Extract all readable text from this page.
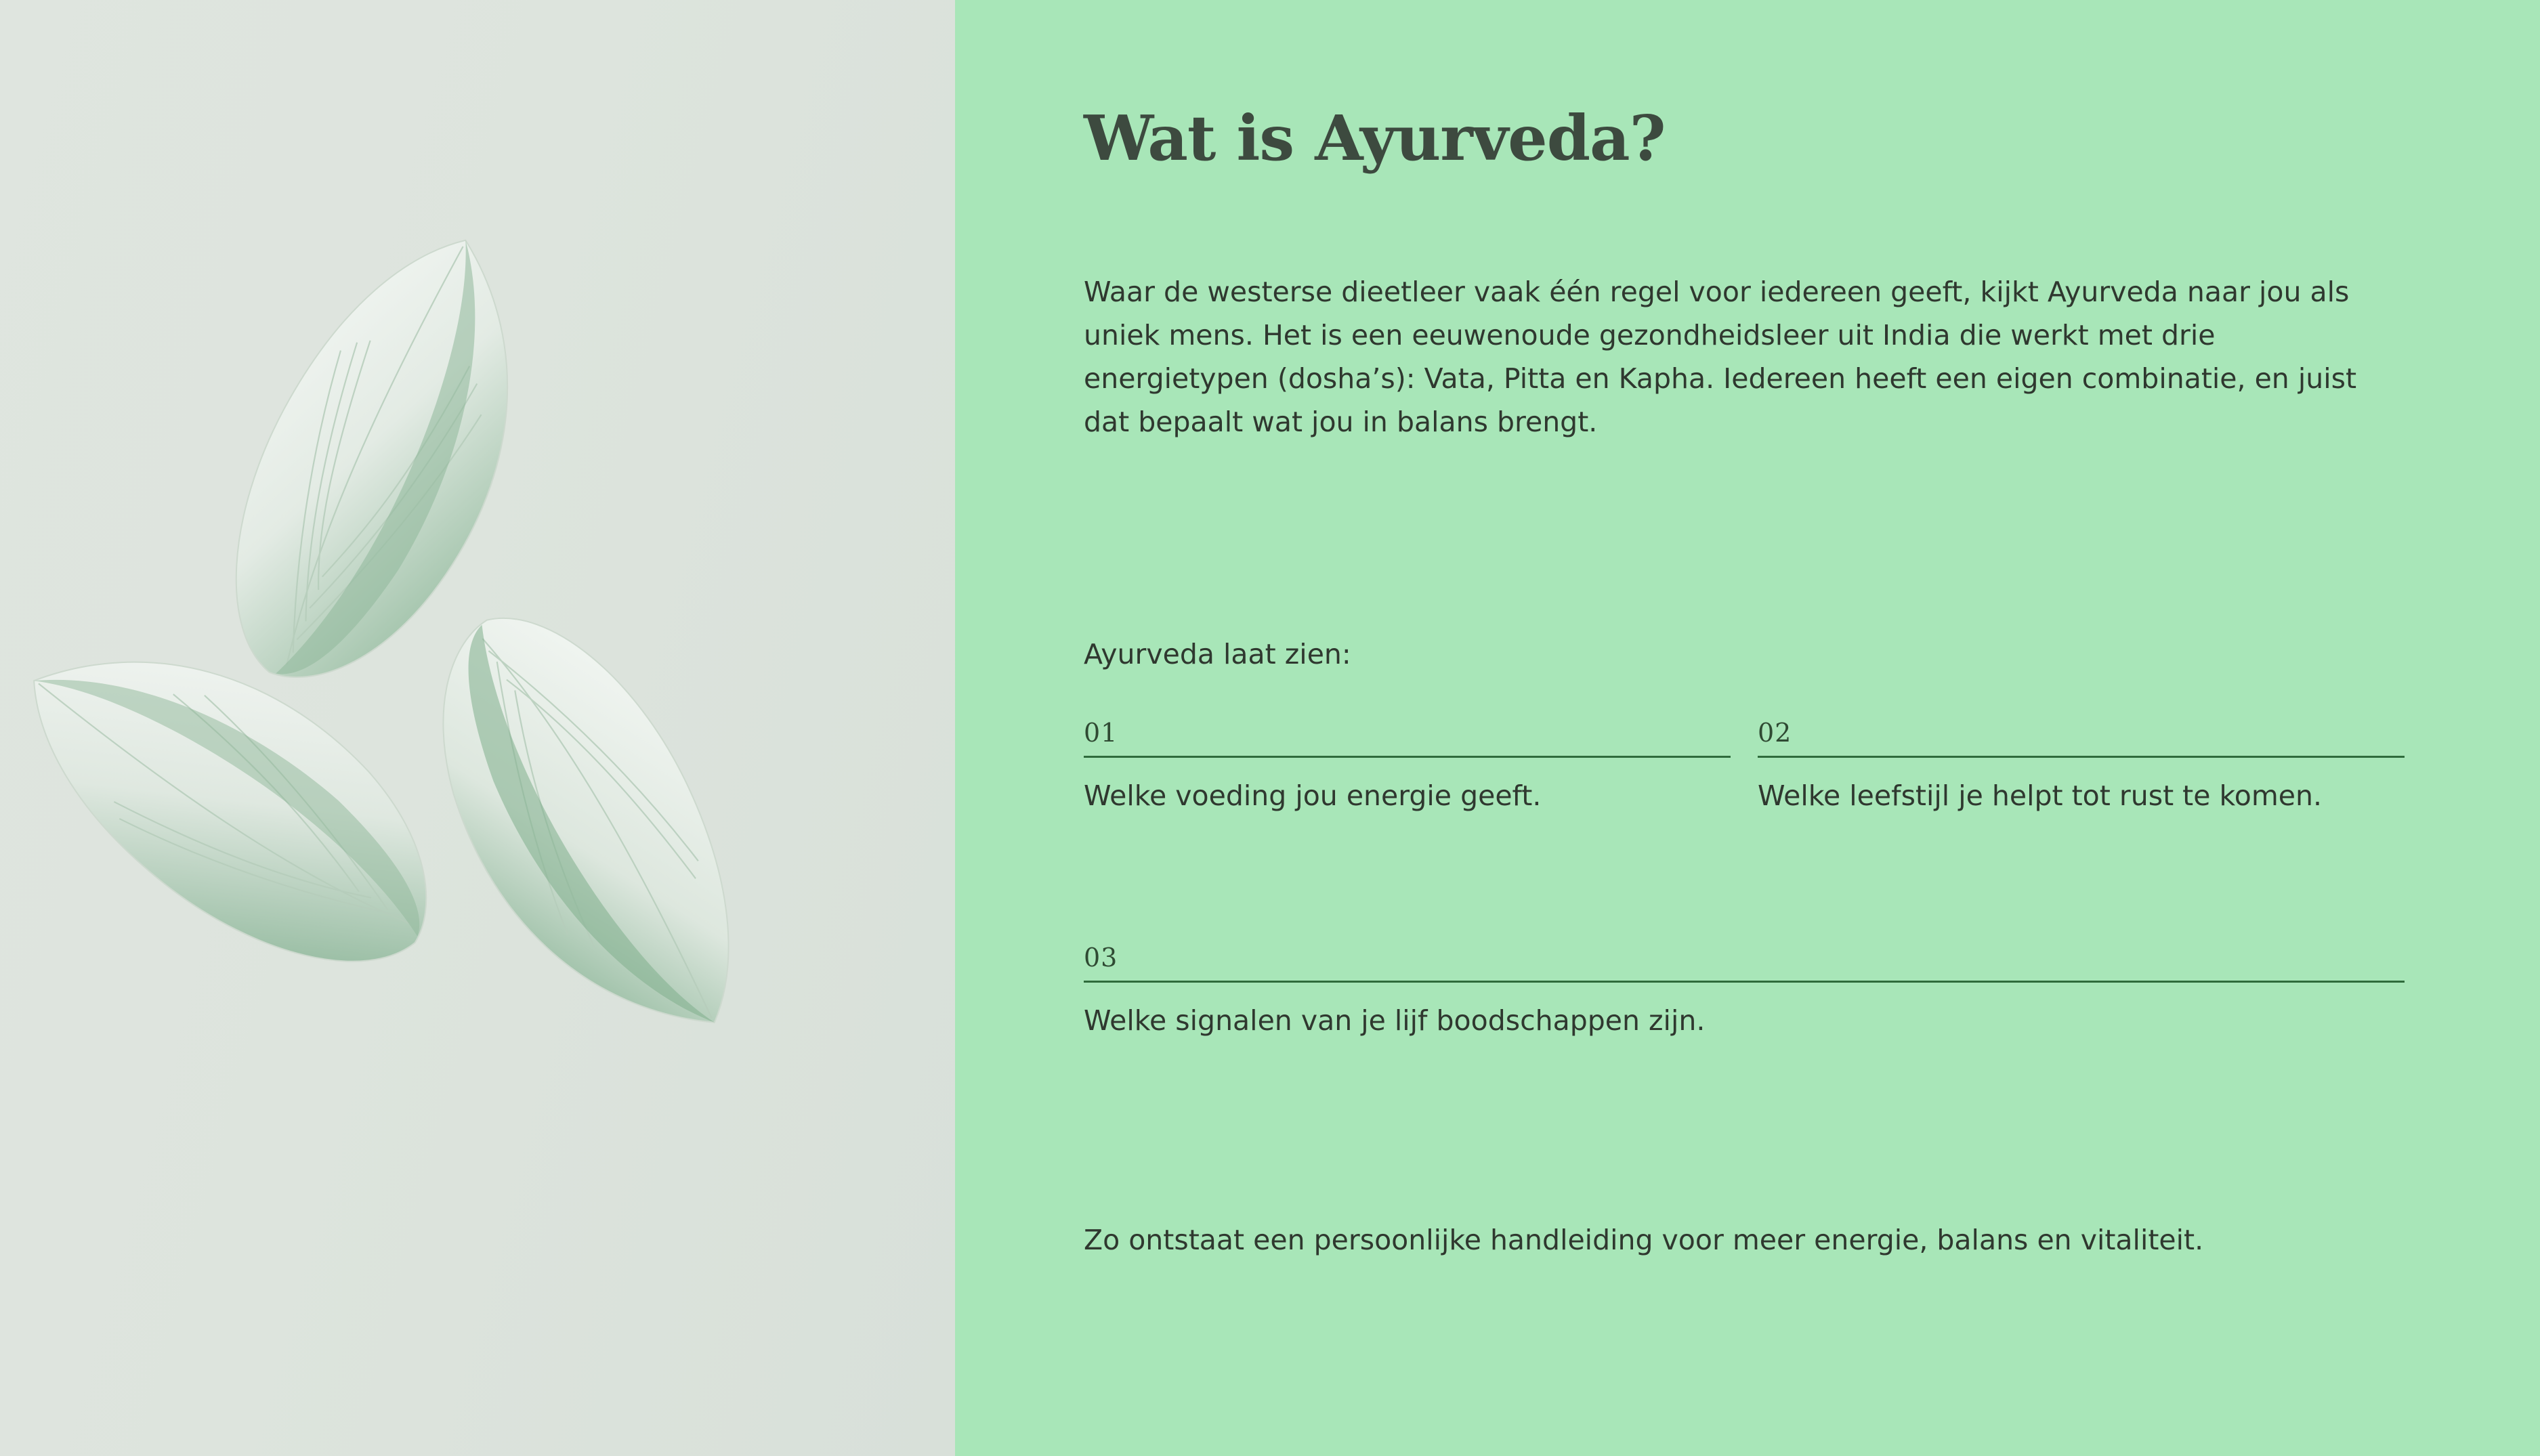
Wat is Ayurveda?

Waar de westerse dieetleer vaak één regel voor iedereen geeft, kijkt Ayurveda naar jou als uniek mens. Het is een eeuwenoude gezondheidsleer uit India die werkt met drie energietypen (dosha’s): Vata, Pitta en Kapha. Iedereen heeft een eigen combinatie, en juist dat bepaalt wat jou in balans brengt.

Ayurveda laat zien:

01
Welke voeding jou energie geeft.
02
Welke leefstijl je helpt tot rust te komen.
03
Welke signalen van je lijf boodschappen zijn.

Zo ontstaat een persoonlijke handleiding voor meer energie, balans en vitaliteit.
